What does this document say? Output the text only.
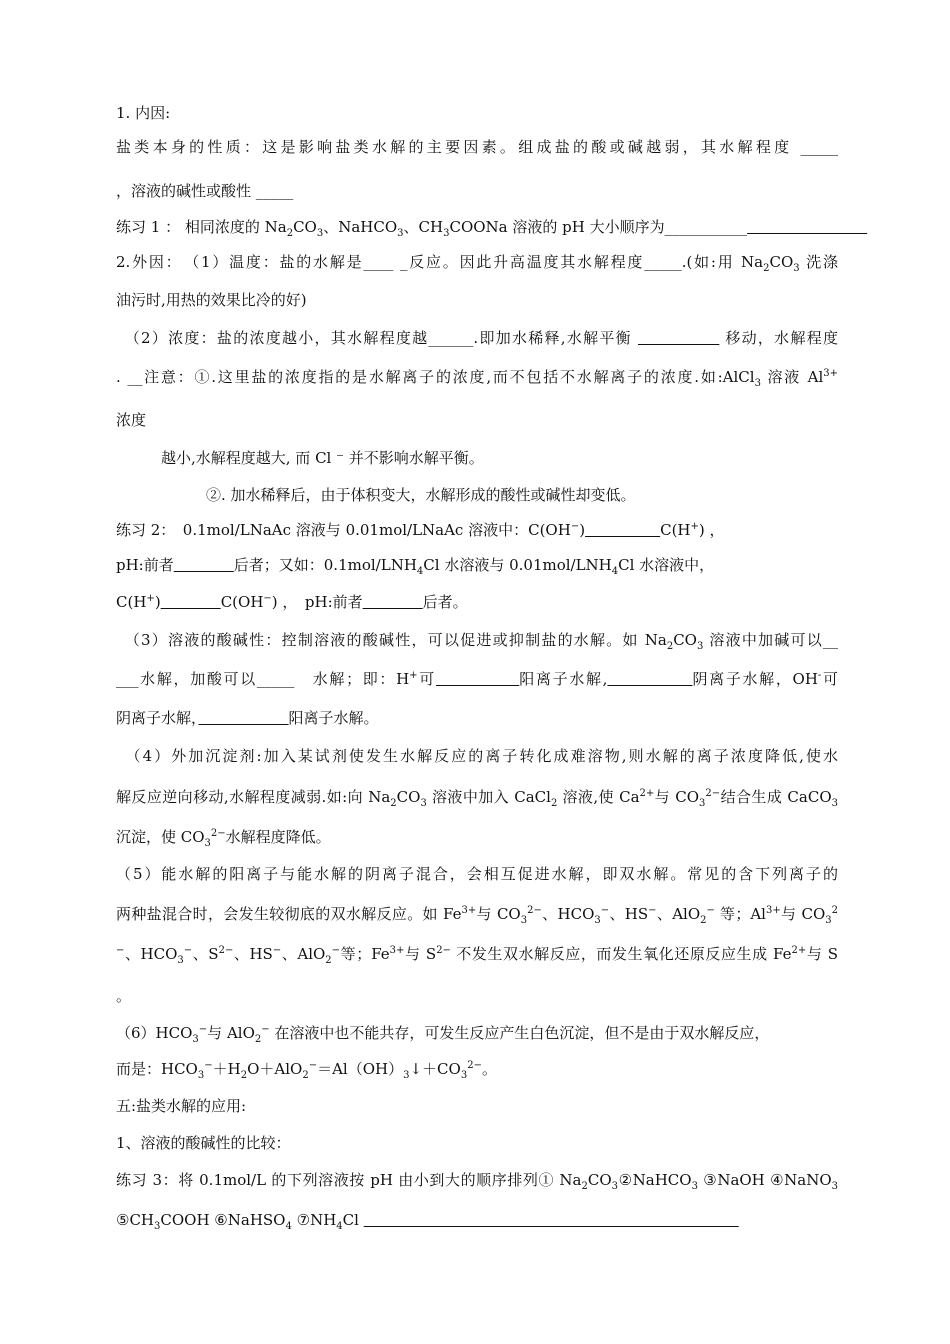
1. 内因:
盐类本身的性质：这是影响盐类水解的主要因素。组成盐的酸或碱越弱，其水解程度 _____
，溶液的碱性或酸性 _____
练习 1 ： 相同浓度的 $Na_2CO_3$、NaHCO$_3$、$CH_3COONa$ 溶液的 pH 大小顺序为___________　　　　　　　　
2.外因：　（1）温度：盐的水解是____ _反应。因此升高温度其水解程度_____.(如:用 $Na_2CO_3$ 洗涤
油污时,用热的效果比冷的好)
　（2）浓度：盐的浓度越小，其水解程度越______.即加水稀释,水解平衡 　　　　　	移动，水解程度
. __注意：①.这里盐的浓度指的是水解离子的浓度,而不包括不水解离子的浓度.如:AlCl$_3$ 溶液 $Al^{3+}$
浓度
　　　越小,水解程度越大, 而 Cl ⁻ 并不影响水解平衡。
　　　　　　②. 加水稀释后，由于体积变大，水解形成的酸性或碱性却变低。
练习 2：　0.1mol/LNaAc 溶液与 0.01mol/LNaAc 溶液中：C(OH−)　　　　　	C(H+) ，
pH:前者　　　　	后者；又如：$0.1mol/LNH_4Cl$ 水溶液与 $0.01mol/LNH_4Cl$ 水溶液中，
C(H+)　　　　	C(OH−) ，　pH:前者　　　　	后者。
　（3）溶液的酸碱性：控制溶液的酸碱性，可以促进或抑制盐的水解。如 $Na_2CO_3$ 溶液中加碱可以__
___水解，加酸可以_____　水解；即：H+可　　　　　	阳离子水解,　　　　　	阴离子水解，OH-可
阴离子水解，　　　　　　	阳离子水解。
　（4）外加沉淀剂:加入某试剂使发生水解反应的离子转化成难溶物,则水解的离子浓度降低,使水
解反应逆向移动,水解程度减弱.如:向 $Na_2CO_3$ 溶液中加入 CaCl$_2$ 溶液,使 $Ca^{2+}$与 $CO_3^{2-}$结合生成 CaCO$_3$
沉淀，使 $CO_3^{2-}$水解程度降低。
（5）能水解的阳离子与能水解的阴离子混合，会相互促进水解，即双水解。常见的含下列离子的
两种盐混合时，会发生较彻底的双水解反应。如 $Fe^{3+}$与 $CO_3^{2-}$、$HCO_3^-$、HS−、AlO$_2$− 等；$Al^{3+}$与 $CO_3^2$
−、$HCO_3^-$、$S^{2-}$、HS−、AlO$_2$−等；$Fe^{3+}$与 $S^{2-}$ 不发生双水解反应，而发生氧化还原反应生成 $Fe^{2+}$与 S
。
$(6)HCO_3^-$与 AlO$_2$− 在溶液中也不能共存，可发生反应产生白色沉淀，但不是由于双水解反应，
而是：$HCO_3^-+H_2O+AlO_2^-=Al(OH)_3↓+CO_3^{2-}$。
五:盐类水解的应用:
1、溶液的酸碱性的比较：
练习 3：将 0.1mol/L 的下列溶液按 pH 由小到大的顺序排列① $Na_2CO_3②NaHCO_3$ ③NaOH ④NaNO$_3$
$⑤CH_3COOH$ ⑥NaHSO$_4$ $⑦NH_4Cl$ 　　　　　　　　　　　　　　　　　　　　　　　　　
